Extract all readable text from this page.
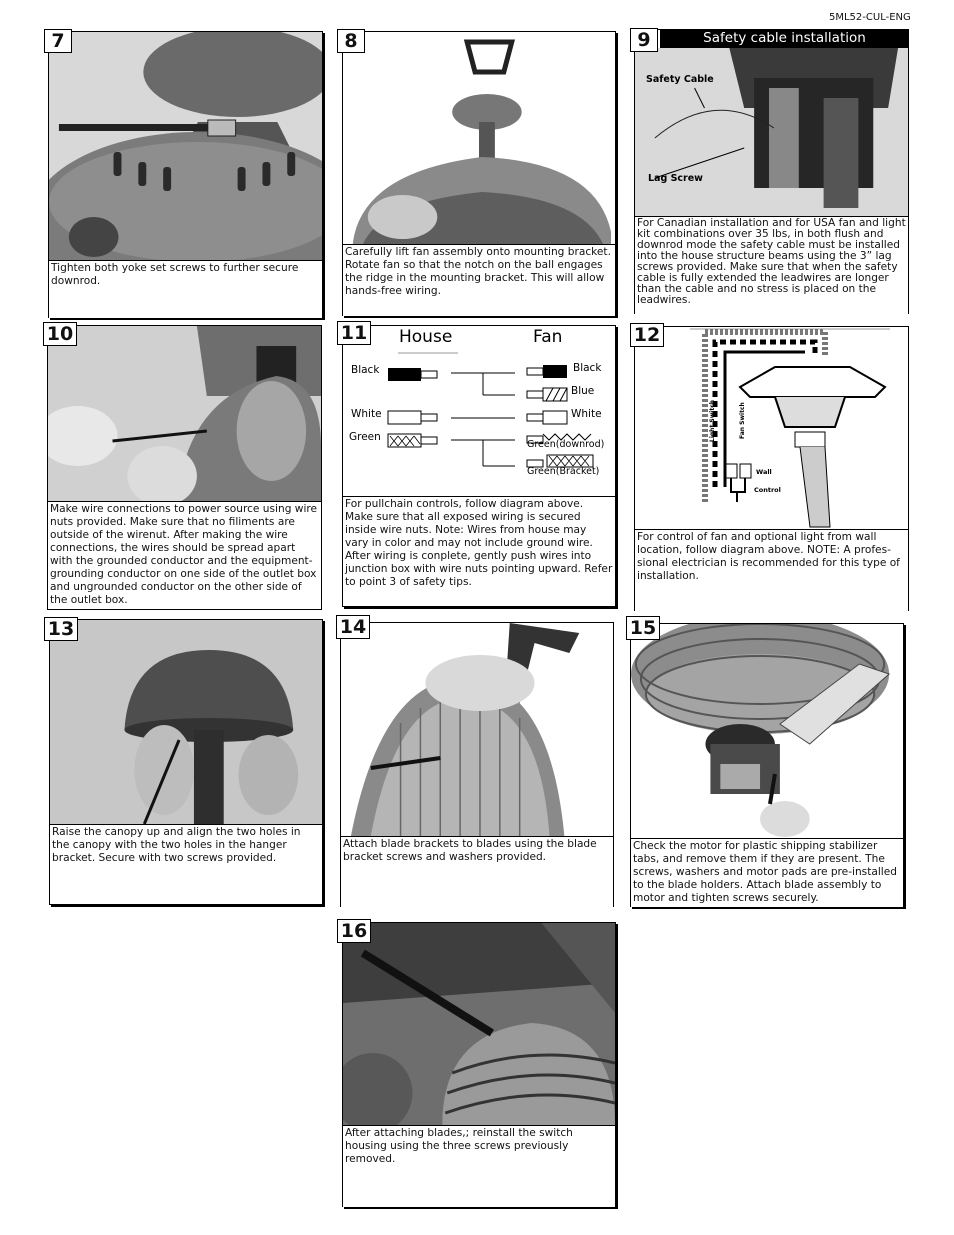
5ML52-CUL-ENG
7
Tighten both yoke set screws to further secure downrod.
8
Carefully lift fan assembly onto mounting bracket. Rotate fan so that the notch on the ball engages the ridge in the mounting bracket. This will allow hands-free wiring.
9	Safety cable installation
Safety Cable
Lag Screw
For Canadian installation and for USA fan and light kit combinations over 35 lbs, in both flush and downrod mode the safety cable must be installed into the house structure beams using the 3” lag screws provided. Make sure that when the safety cable is fully extended the leadwires are longer than the cable and no stress is placed on the leadwires.
10
Make wire connections to power source using wire nuts provided. Make sure that no filiments are outside of the wirenut. After making the wire connections, the wires should be spread apart with the grounded conductor and the equipment-grounding conductor on one side of the outlet box and ungrounded conductor on the other side of the outlet box.
11 House	Fan
Black
White
Green
Black
Blue
White
Green(downrod)
Green(Bracket)
For pullchain controls, follow diagram above. Make sure that all exposed wiring is secured inside wire nuts. Note: Wires from house may vary in color and may not include ground wire. After wiring is conplete, gently push wires into junction box with wire nuts pointing upward. Refer to point 3 of safety tips.
12
Light Switch	Fan Switch
Wall
Control
For control of fan and optional light from wall location, follow diagram above. NOTE: A profes-sional electrician is recommended for this type of installation.
13
Raise the canopy up and align the two holes in the canopy with the two holes in the hanger bracket. Secure with two screws provided.
14
Attach blade brackets to blades using the blade bracket screws and washers provided.
15
Check the motor for plastic shipping stabilizer tabs, and remove them if they are present. The screws, washers and motor pads are pre-installed to the blade holders. Attach blade assembly to motor and tighten screws securely.
16
After attaching blades,; reinstall the switch housing using the three screws previously removed.
